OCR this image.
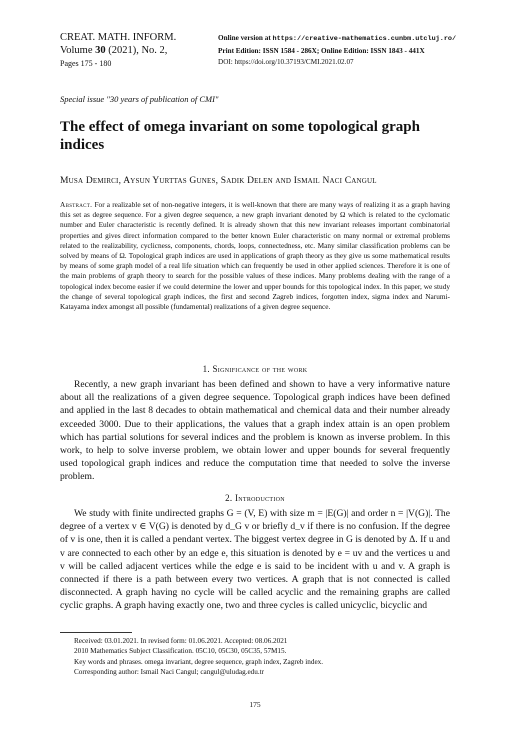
CREAT. MATH. INFORM.
Volume 30 (2021), No. 2,
Pages 175 - 180
Online version at https://creative-mathematics.cunbm.utcluj.ro/
Print Edition: ISSN 1584 - 286X; Online Edition: ISSN 1843 - 441X
DOI: https://doi.org/10.37193/CMI.2021.02.07
Special issue "30 years of publication of CMI"
The effect of omega invariant on some topological graph indices
Musa Demirci, Aysun Yurttas Gunes, Sadik Delen and Ismail Naci Cangul
Abstract. For a realizable set of non-negative integers, it is well-known that there are many ways of realizing it as a graph having this set as degree sequence. For a given degree sequence, a new graph invariant denoted by Ω which is related to the cyclomatic number and Euler characteristic is recently defined. It is already shown that this new invariant releases important combinatorial properties and gives direct information compared to the better known Euler characteristic on many normal or extremal problems related to the realizability, cyclicness, components, chords, loops, connectedness, etc. Many similar classification problems can be solved by means of Ω. Topological graph indices are used in applications of graph theory as they give us some mathematical results by means of some graph model of a real life situation which can frequently be used in other applied sciences. Therefore it is one of the main problems of graph theory to search for the possible values of these indices. Many problems dealing with the range of a topological index become easier if we could determine the lower and upper bounds for this topological index. In this paper, we study the change of several topological graph indices, the first and second Zagreb indices, forgotten index, sigma index and Narumi-Katayama index amongst all possible (fundamental) realizations of a given degree sequence.
1. Significance of the work
Recently, a new graph invariant has been defined and shown to have a very informative nature about all the realizations of a given degree sequence. Topological graph indices have been defined and applied in the last 8 decades to obtain mathematical and chemical data and their number already exceeded 3000. Due to their applications, the values that a graph index attain is an open problem which has partial solutions for several indices and the problem is known as inverse problem. In this work, to help to solve inverse problem, we obtain lower and upper bounds for several frequently used topological graph indices and reduce the computation time that needed to solve the inverse problem.
2. Introduction
We study with finite undirected graphs G = (V, E) with size m = |E(G)| and order n = |V(G)|. The degree of a vertex v ∈ V(G) is denoted by d_G v or briefly d_v if there is no confusion. If the degree of v is one, then it is called a pendant vertex. The biggest vertex degree in G is denoted by Δ. If u and v are connected to each other by an edge e, this situation is denoted by e = uv and the vertices u and v will be called adjacent vertices while the edge e is said to be incident with u and v. A graph is connected if there is a path between every two vertices. A graph that is not connected is called disconnected. A graph having no cycle will be called acyclic and the remaining graphs are called cyclic graphs. A graph having exactly one, two and three cycles is called unicyclic, bicyclic and
Received: 03.01.2021. In revised form: 01.06.2021. Accepted: 08.06.2021
2010 Mathematics Subject Classification. 05C10, 05C30, 05C35, 57M15.
Key words and phrases. omega invariant, degree sequence, graph index, Zagreb index.
Corresponding author: Ismail Naci Cangul; cangul@uludag.edu.tr
175
